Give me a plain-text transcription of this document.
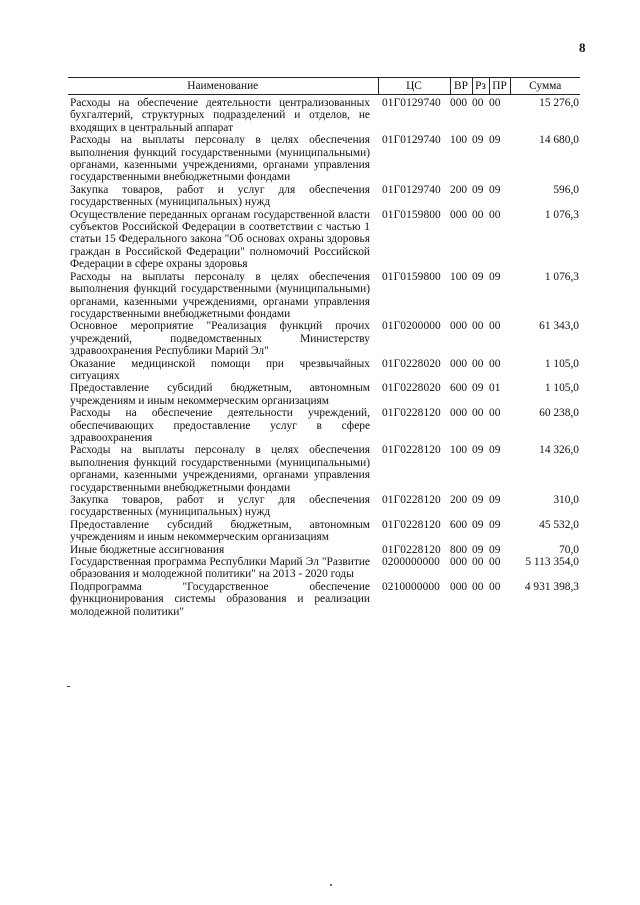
8
Наименование	ЦС	ВР	Рз	ПР	Сумма
Расходы на обеспечение деятельности централизованных бухгалтерий, структурных подразделений и отделов, не входящих в центральный аппарат	01Г0129740	000	00	00	15 276,0
Расходы на выплаты персоналу в целях обеспечения выполнения функций государственными (муниципальными) органами, казенными учреждениями, органами управления государственными внебюджетными фондами	01Г0129740	100	09	09	14 680,0
Закупка товаров, работ и услуг для обеспечения государственных (муниципальных) нужд	01Г0129740	200	09	09	596,0
Осуществление переданных органам государственной власти субъектов Российской Федерации в соответствии с частью 1 статьи 15 Федерального закона "Об основах охраны здоровья граждан в Российской Федерации" полномочий Российской Федерации в сфере охраны здоровья	01Г0159800	000	00	00	1 076,3
Расходы на выплаты персоналу в целях обеспечения выполнения функций государственными (муниципальными) органами, казенными учреждениями, органами управления государственными внебюджетными фондами	01Г0159800	100	09	09	1 076,3
Основное мероприятие "Реализация функций прочих учреждений, подведомственных Министерству здравоохранения Республики Марий Эл"	01Г0200000	000	00	00	61 343,0
Оказание медицинской помощи при чрезвычайных ситуациях	01Г0228020	000	00	00	1 105,0
Предоставление субсидий бюджетным, автономным учреждениям и иным некоммерческим организациям	01Г0228020	600	09	01	1 105,0
Расходы на обеспечение деятельности учреждений, обеспечивающих предоставление услуг в сфере здравоохранения	01Г0228120	000	00	00	60 238,0
Расходы на выплаты персоналу в целях обеспечения выполнения функций государственными (муниципальными) органами, казенными учреждениями, органами управления государственными внебюджетными фондами	01Г0228120	100	09	09	14 326,0
Закупка товаров, работ и услуг для обеспечения государственных (муниципальных) нужд	01Г0228120	200	09	09	310,0
Предоставление субсидий бюджетным, автономным учреждениям и иным некоммерческим организациям	01Г0228120	600	09	09	45 532,0
Иные бюджетные ассигнования	01Г0228120	800	09	09	70,0
Государственная программа Республики Марий Эл "Развитие образования и молодежной политики" на 2013 - 2020 годы	0200000000	000	00	00	5 113 354,0
Подпрограмма "Государственное обеспечение функционирования системы образования и реализации молодежной политики"	0210000000	000	00	00	4 931 398,3
